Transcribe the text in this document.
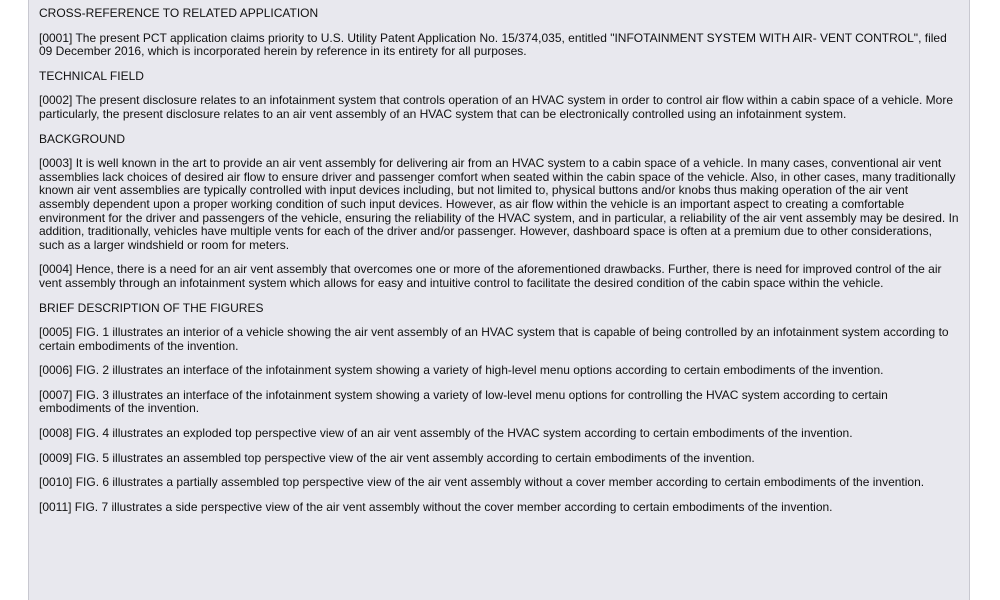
CROSS-REFERENCE TO RELATED APPLICATION

[0001] The present PCT application claims priority to U.S. Utility Patent Application No. 15/374,035, entitled "INFOTAINMENT SYSTEM WITH AIR- VENT CONTROL", filed 09 December 2016, which is incorporated herein by reference in its entirety for all purposes.

TECHNICAL FIELD

[0002] The present disclosure relates to an infotainment system that controls operation of an HVAC system in order to control air flow within a cabin space of a vehicle. More particularly, the present disclosure relates to an air vent assembly of an HVAC system that can be electronically controlled using an infotainment system.

BACKGROUND

[0003] It is well known in the art to provide an air vent assembly for delivering air from an HVAC system to a cabin space of a vehicle. In many cases, conventional air vent assemblies lack choices of desired air flow to ensure driver and passenger comfort when seated within the cabin space of the vehicle. Also, in other cases, many traditionally known air vent assemblies are typically controlled with input devices including, but not limited to, physical buttons and/or knobs thus making operation of the air vent assembly dependent upon a proper working condition of such input devices. However, as air flow within the vehicle is an important aspect to creating a comfortable environment for the driver and passengers of the vehicle, ensuring the reliability of the HVAC system, and in particular, a reliability of the air vent assembly may be desired. In addition, traditionally, vehicles have multiple vents for each of the driver and/or passenger. However, dashboard space is often at a premium due to other considerations, such as a larger windshield or room for meters.

[0004] Hence, there is a need for an air vent assembly that overcomes one or more of the aforementioned drawbacks. Further, there is need for improved control of the air vent assembly through an infotainment system which allows for easy and intuitive control to facilitate the desired condition of the cabin space within the vehicle.

BRIEF DESCRIPTION OF THE FIGURES

[0005] FIG. 1 illustrates an interior of a vehicle showing the air vent assembly of an HVAC system that is capable of being controlled by an infotainment system according to certain embodiments of the invention.

[0006] FIG. 2 illustrates an interface of the infotainment system showing a variety of high-level menu options according to certain embodiments of the invention.

[0007] FIG. 3 illustrates an interface of the infotainment system showing a variety of low-level menu options for controlling the HVAC system according to certain embodiments of the invention.

[0008] FIG. 4 illustrates an exploded top perspective view of an air vent assembly of the HVAC system according to certain embodiments of the invention.

[0009] FIG. 5 illustrates an assembled top perspective view of the air vent assembly according to certain embodiments of the invention.

[0010] FIG. 6 illustrates a partially assembled top perspective view of the air vent assembly without a cover member according to certain embodiments of the invention.

[0011] FIG. 7 illustrates a side perspective view of the air vent assembly without the cover member according to certain embodiments of the invention.
